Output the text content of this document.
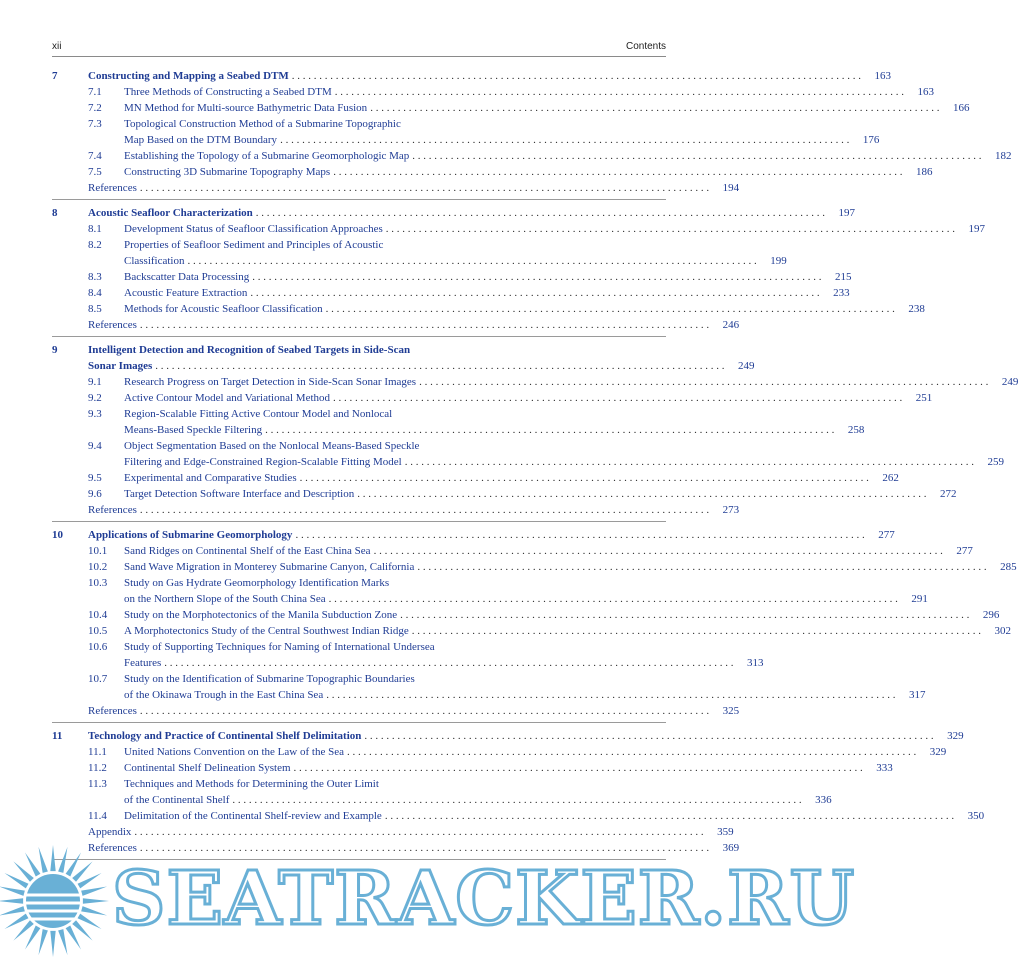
xii	Contents
7	Constructing and Mapping a Seabed DTM . . .	163
7.1	Three Methods of Constructing a Seabed DTM . . .	163
7.2	MN Method for Multi-source Bathymetric Data Fusion . . .	166
7.3	Topological Construction Method of a Submarine Topographic
Map Based on the DTM Boundary . . .	176
7.4	Establishing the Topology of a Submarine Geomorphologic Map . . .	182
7.5	Constructing 3D Submarine Topography Maps . . .	186
References . . .	194
8	Acoustic Seafloor Characterization . . .	197
8.1	Development Status of Seafloor Classification Approaches . . .	197
8.2	Properties of Seafloor Sediment and Principles of Acoustic
Classification . . .	199
8.3	Backscatter Data Processing . . .	215
8.4	Acoustic Feature Extraction . . .	233
8.5	Methods for Acoustic Seafloor Classification . . .	238
References . . .	246
9	Intelligent Detection and Recognition of Seabed Targets in Side-Scan
Sonar Images . . .	249
9.1	Research Progress on Target Detection in Side-Scan Sonar Images . . .	249
9.2	Active Contour Model and Variational Method . . .	251
9.3	Region-Scalable Fitting Active Contour Model and Nonlocal
Means-Based Speckle Filtering . . .	258
9.4	Object Segmentation Based on the Nonlocal Means-Based Speckle
Filtering and Edge-Constrained Region-Scalable Fitting Model . . .	259
9.5	Experimental and Comparative Studies . . .	262
9.6	Target Detection Software Interface and Description . . .	272
References . . .	273
10	Applications of Submarine Geomorphology . . .	277
10.1	Sand Ridges on Continental Shelf of the East China Sea . . .	277
10.2	Sand Wave Migration in Monterey Submarine Canyon, California . . .	285
10.3	Study on Gas Hydrate Geomorphology Identification Marks
on the Northern Slope of the South China Sea . . .	291
10.4	Study on the Morphotectonics of the Manila Subduction Zone . . .	296
10.5	A Morphotectonics Study of the Central Southwest Indian Ridge . . .	302
10.6	Study of Supporting Techniques for Naming of International Undersea
Features . . .	313
10.7	Study on the Identification of Submarine Topographic Boundaries
of the Okinawa Trough in the East China Sea . . .	317
References . . .	325
11	Technology and Practice of Continental Shelf Delimitation . . .	329
11.1	United Nations Convention on the Law of the Sea . . .	329
11.2	Continental Shelf Delineation System . . .	333
11.3	Techniques and Methods for Determining the Outer Limit
of the Continental Shelf . . .	336
11.4	Delimitation of the Continental Shelf-review and Example . . .	350
Appendix . . .	359
References . . .	369
SEATRACKER.RU
